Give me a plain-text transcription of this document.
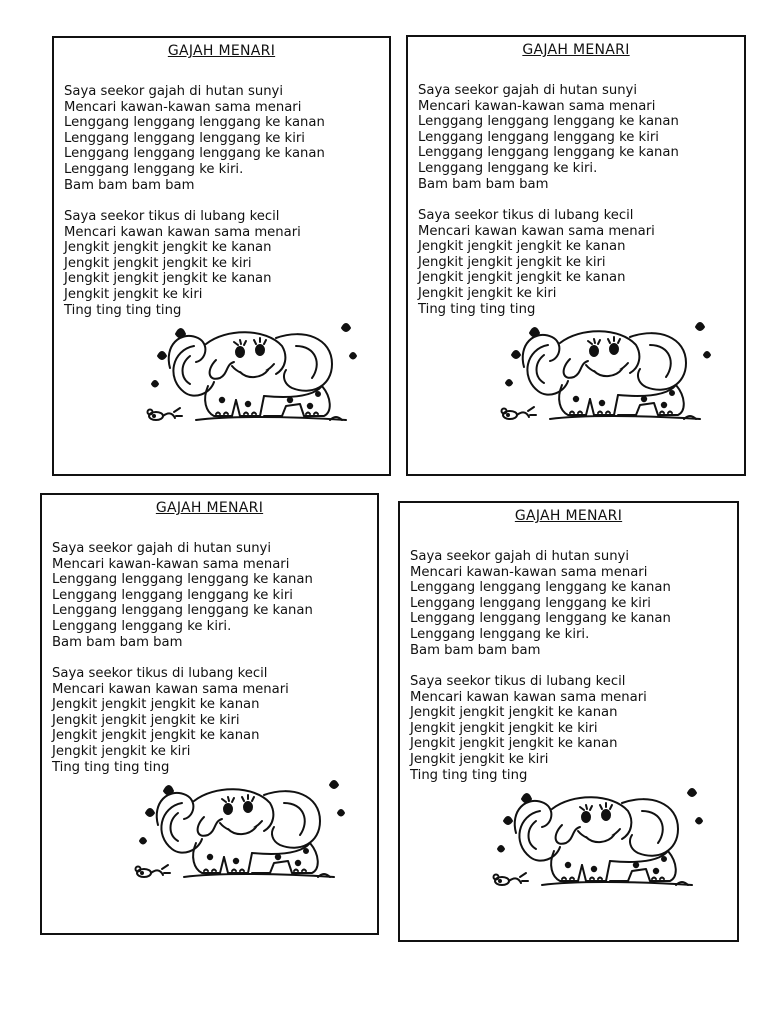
GAJAH MENARI
Saya seekor gajah di hutan sunyi
Mencari kawan-kawan sama menari
Lenggang lenggang lenggang ke kanan
Lenggang lenggang lenggang ke kiri
Lenggang lenggang lenggang ke kanan
Lenggang lenggang ke kiri.
Bam bam bam bam
Saya seekor tikus di lubang kecil
Mencari kawan kawan sama menari
Jengkit jengkit jengkit ke kanan
Jengkit jengkit jengkit ke kiri
Jengkit jengkit jengkit ke kanan
Jengkit jengkit ke kiri
Ting ting ting ting
GAJAH MENARI
Saya seekor gajah di hutan sunyi
Mencari kawan-kawan sama menari
Lenggang lenggang lenggang ke kanan
Lenggang lenggang lenggang ke kiri
Lenggang lenggang lenggang ke kanan
Lenggang lenggang ke kiri.
Bam bam bam bam
Saya seekor tikus di lubang kecil
Mencari kawan kawan sama menari
Jengkit jengkit jengkit ke kanan
Jengkit jengkit jengkit ke kiri
Jengkit jengkit jengkit ke kanan
Jengkit jengkit ke kiri
Ting ting ting ting
GAJAH MENARI
Saya seekor gajah di hutan sunyi
Mencari kawan-kawan sama menari
Lenggang lenggang lenggang ke kanan
Lenggang lenggang lenggang ke kiri
Lenggang lenggang lenggang ke kanan
Lenggang lenggang ke kiri.
Bam bam bam bam
Saya seekor tikus di lubang kecil
Mencari kawan kawan sama menari
Jengkit jengkit jengkit ke kanan
Jengkit jengkit jengkit ke kiri
Jengkit jengkit jengkit ke kanan
Jengkit jengkit ke kiri
Ting ting ting ting
GAJAH MENARI
Saya seekor gajah di hutan sunyi
Mencari kawan-kawan sama menari
Lenggang lenggang lenggang ke kanan
Lenggang lenggang lenggang ke kiri
Lenggang lenggang lenggang ke kanan
Lenggang lenggang ke kiri.
Bam bam bam bam
Saya seekor tikus di lubang kecil
Mencari kawan kawan sama menari
Jengkit jengkit jengkit ke kanan
Jengkit jengkit jengkit ke kiri
Jengkit jengkit jengkit ke kanan
Jengkit jengkit ke kiri
Ting ting ting ting
